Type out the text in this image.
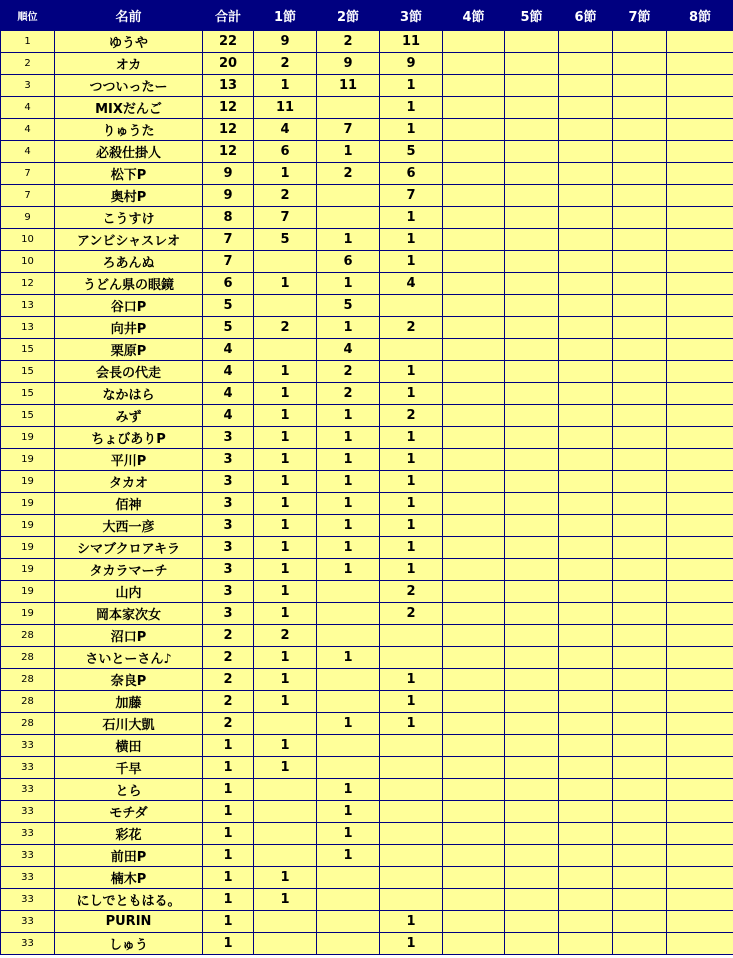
順位	名前	合計	1節	2節	3節	4節	5節	6節	7節	8節
1	ゆうや	22	9	2	11					
2	オカ	20	2	9	9					
3	つついったー	13	1	11	1					
4	MIXだんご	12	11		1					
4	りゅうた	12	4	7	1					
4	必殺仕掛人	12	6	1	5					
7	松下P	9	1	2	6					
7	奥村P	9	2		7					
9	こうすけ	8	7		1					
10	アンビシャスレオ	7	5	1	1					
10	ろあんぬ	7		6	1					
12	うどん県の眼鏡	6	1	1	4					
13	谷口P	5		5						
13	向井P	5	2	1	2					
15	栗原P	4		4						
15	会長の代走	4	1	2	1					
15	なかはら	4	1	2	1					
15	みず	4	1	1	2					
19	ちょびありP	3	1	1	1					
19	平川P	3	1	1	1					
19	タカオ	3	1	1	1					
19	佰神	3	1	1	1					
19	大西一彦	3	1	1	1					
19	シマブクロアキラ	3	1	1	1					
19	タカラマーチ	3	1	1	1					
19	山内	3	1		2					
19	岡本家次女	3	1		2					
28	沼口P	2	2							
28	さいとーさん♪	2	1	1						
28	奈良P	2	1		1					
28	加藤	2	1		1					
28	石川大凱	2		1	1					
33	横田	1	1							
33	千早	1	1							
33	とら	1		1						
33	モチダ	1		1						
33	彩花	1		1						
33	前田P	1		1						
33	楠木P	1	1							
33	にしでともはる。	1	1							
33	PURIN	1			1					
33	しゅう	1			1					
